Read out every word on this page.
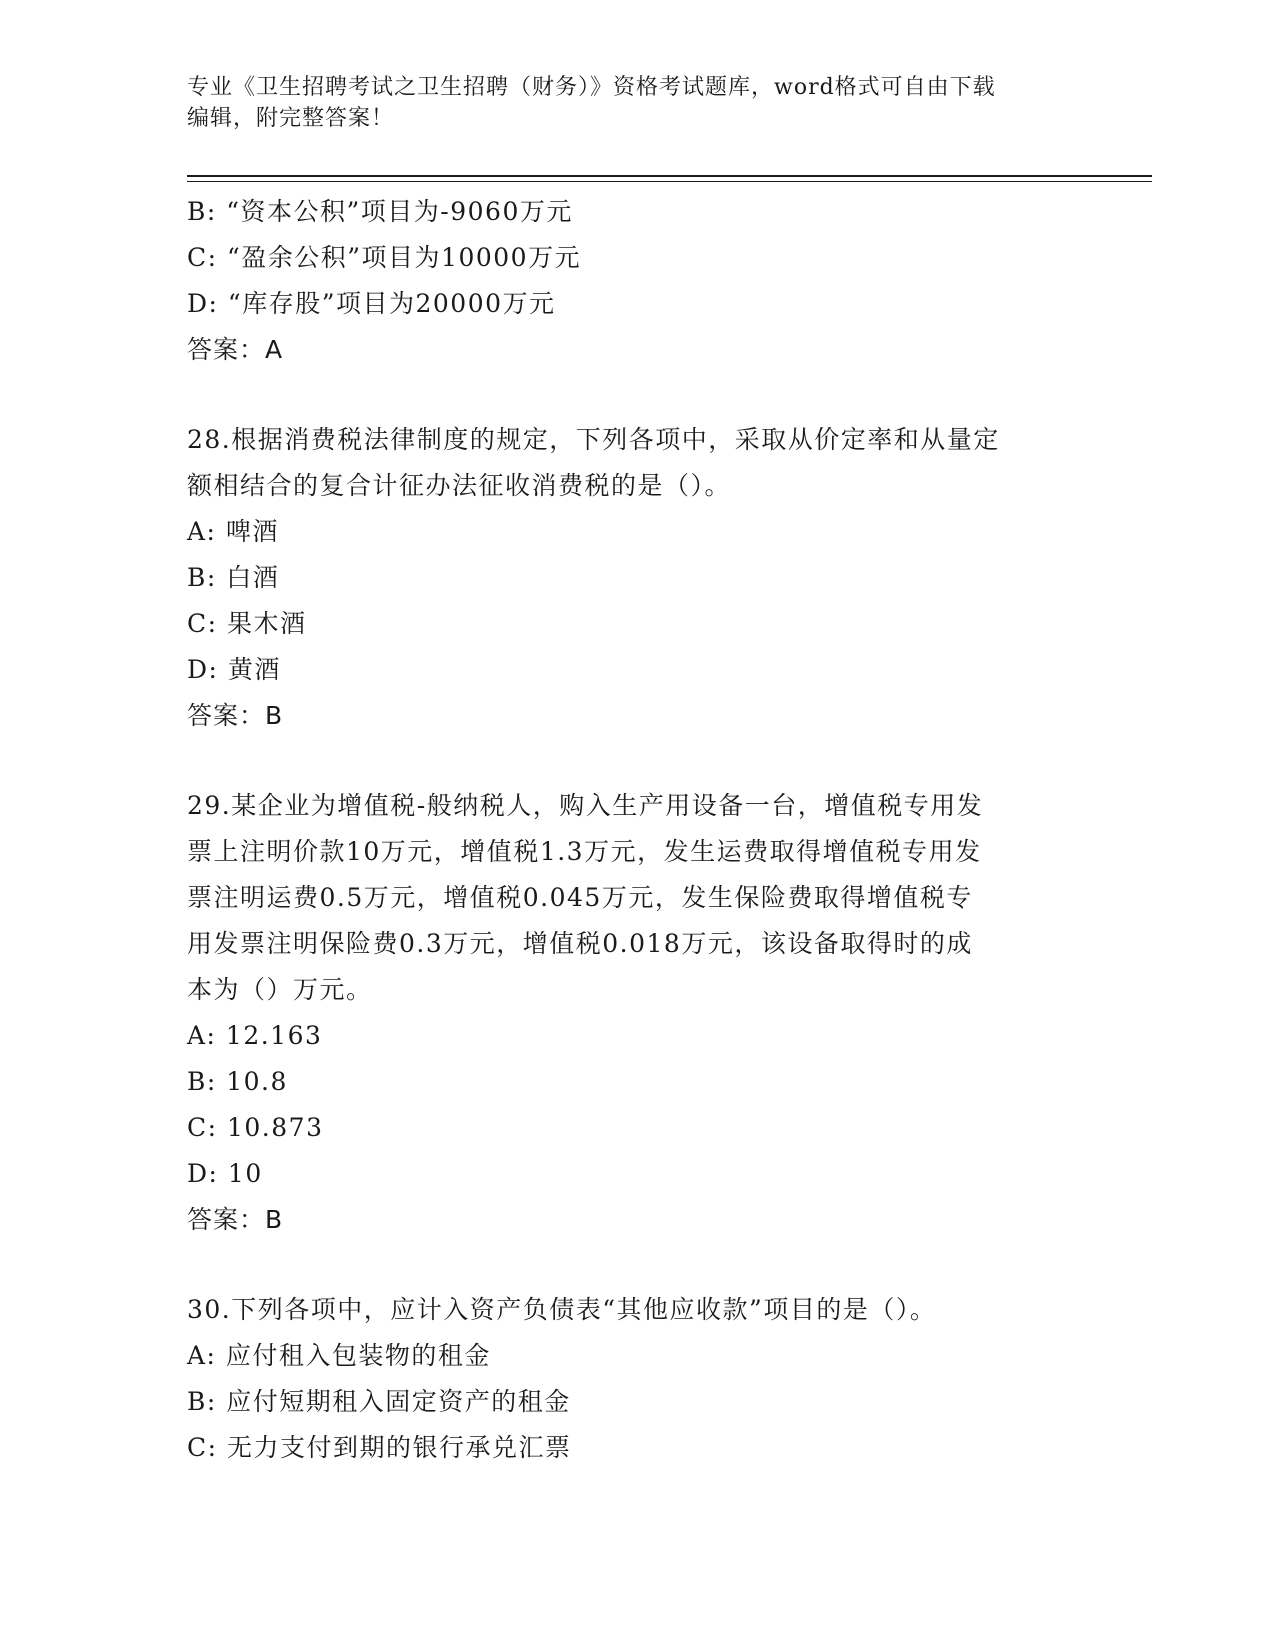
专业《卫生招聘考试之卫生招聘（财务）》资格考试题库，word格式可自由下载

编辑，附完整答案！

B: “资本公积”项目为-9060万元

C: “盈余公积”项目为10000万元

D: “库存股”项目为20000万元

答案：A

28.根据消费税法律制度的规定，下列各项中，采取从价定率和从量定

额相结合的复合计征办法征收消费税的是（）。

A: 啤酒

B: 白酒

C: 果木酒

D: 黄酒

答案：B

29.某企业为增值税-般纳税人，购入生产用设备一台，增值税专用发

票上注明价款10万元，增值税1.3万元，发生运费取得增值税专用发

票注明运费0.5万元，增值税0.045万元，发生保险费取得增值税专

用发票注明保险费0.3万元，增值税0.018万元，该设备取得时的成

本为（）万元。

A: 12.163

B: 10.8

C: 10.873

D: 10

答案：B

30.下列各项中，应计入资产负债表“其他应收款”项目的是（）。

A: 应付租入包装物的租金

B: 应付短期租入固定资产的租金

C: 无力支付到期的银行承兑汇票
